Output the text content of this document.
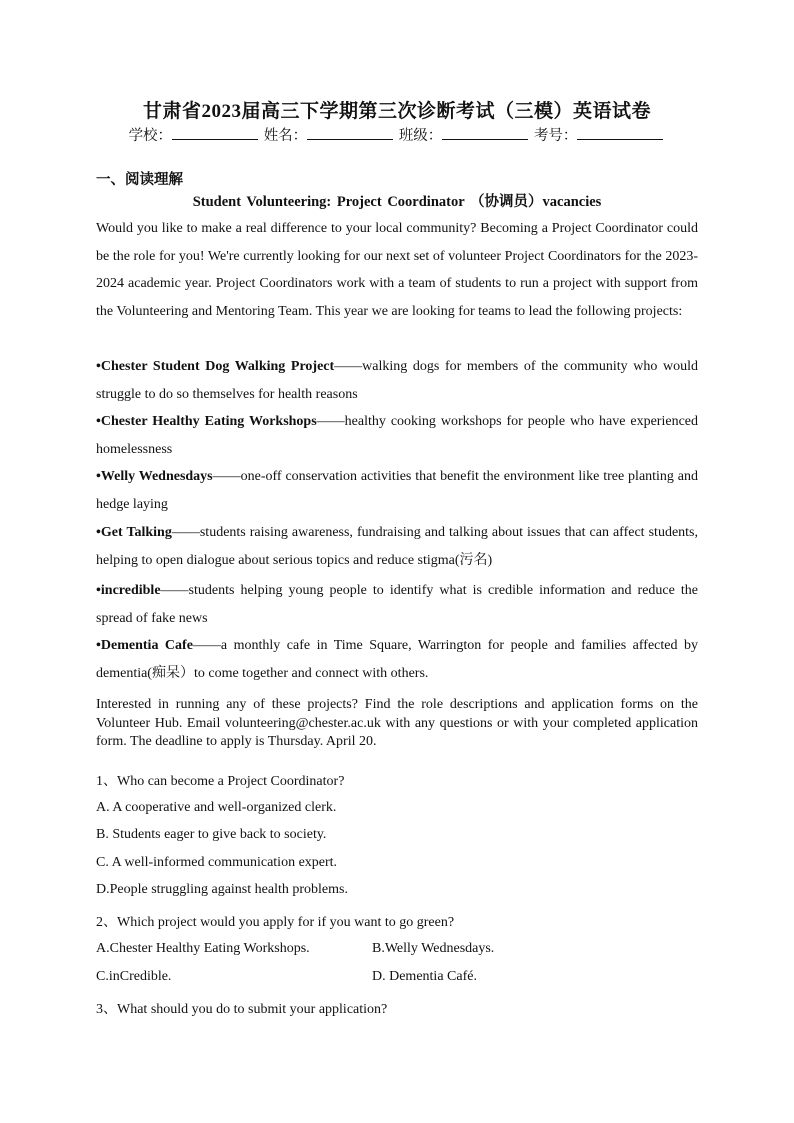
甘肃省2023届高三下学期第三次诊断考试（三模）英语试卷
学校：	姓名：	班级：	考号：
一、阅读理解
Student Volunteering: Project Coordinator （协调员）vacancies
Would you like to make a real difference to your local community? Becoming a Project Coordinator could be the role for you! We're currently looking for our next set of volunteer Project Coordinators for the 2023-2024 academic year. Project Coordinators work with a team of students to run a project with support from the Volunteering and Mentoring Team. This year we are looking for teams to lead the following projects:
•Chester Student Dog Walking Project——walking dogs for members of the community who would struggle to do so themselves for health reasons
•Chester Healthy Eating Workshops——healthy cooking workshops for people who have experienced homelessness
•Welly Wednesdays——one-off conservation activities that benefit the environment like tree planting and hedge laying
•Get Talking——students raising awareness, fundraising and talking about issues that can affect students, helping to open dialogue about serious topics and reduce stigma(污名)
•incredible——students helping young people to identify what is credible information and reduce the spread of fake news
•Dementia Cafe——a monthly cafe in Time Square, Warrington for people and families affected by dementia(痴呆）to come together and connect with others.
Interested in running any of these projects? Find the role descriptions and application forms on the Volunteer Hub. Email volunteering@chester.ac.uk with any questions or with your completed application form. The deadline to apply is Thursday. April 20.
1、Who can become a Project Coordinator?
A. A cooperative and well-organized clerk.
B. Students eager to give back to society.
C. A well-informed communication expert.
D.People struggling against health problems.
2、Which project would you apply for if you want to go green?
A.Chester Healthy Eating Workshops.	B.Welly Wednesdays.
C.inCredible.	D. Dementia Café.
3、What should you do to submit your application?
